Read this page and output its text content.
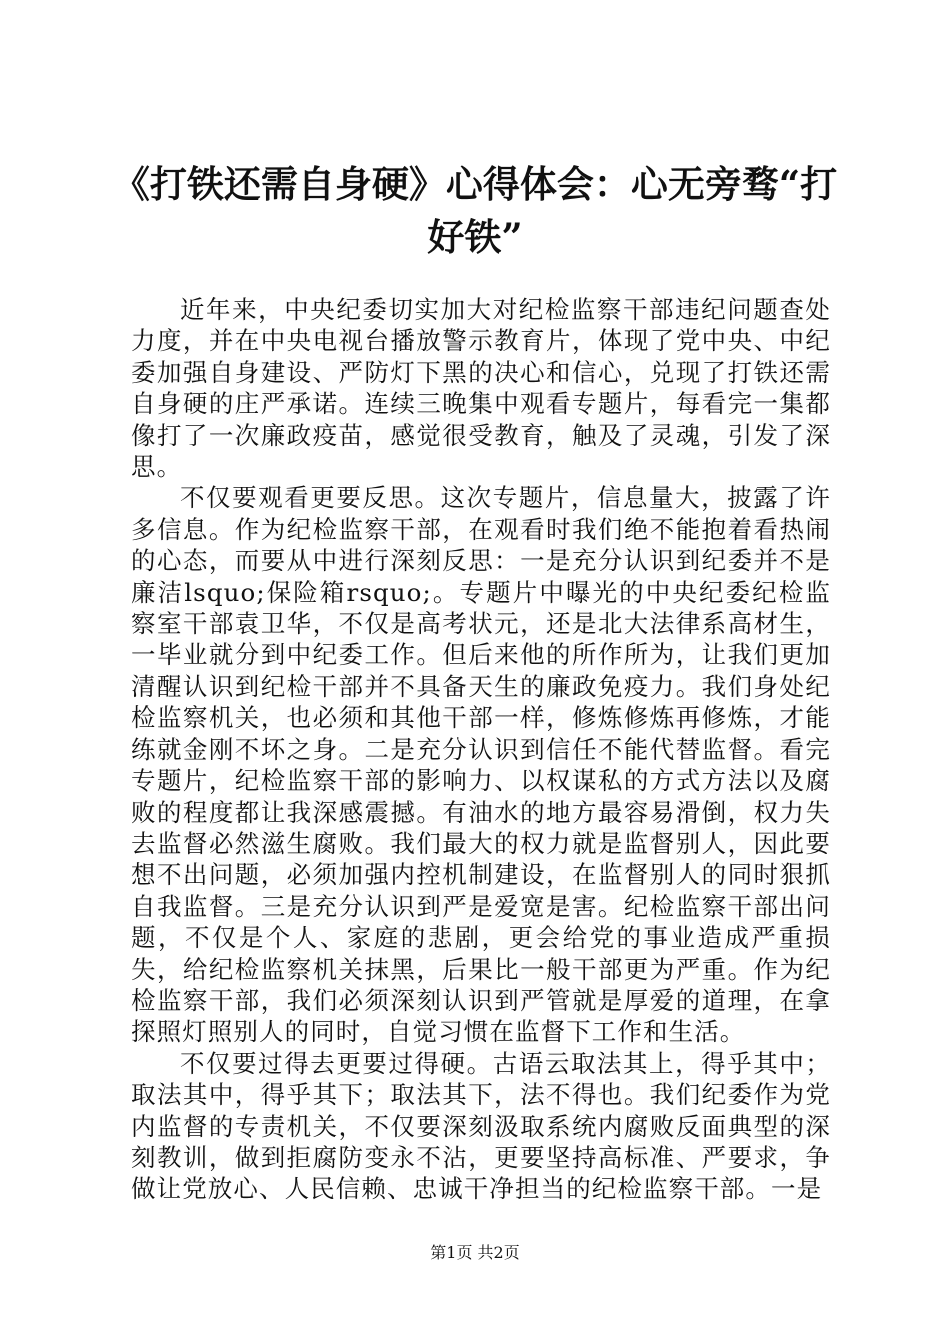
《打铁还需自身硬》心得体会：心无旁骛“打好铁”

近年来，中央纪委切实加大对纪检监察干部违纪问题查处力度，并在中央电视台播放警示教育片，体现了党中央、中纪委加强自身建设、严防灯下黑的决心和信心，兑现了打铁还需自身硬的庄严承诺。连续三晚集中观看专题片，每看完一集都像打了一次廉政疫苗，感觉很受教育，触及了灵魂，引发了深思。

不仅要观看更要反思。这次专题片，信息量大，披露了许多信息。作为纪检监察干部，在观看时我们绝不能抱着看热闹的心态，而要从中进行深刻反思：一是充分认识到纪委并不是廉洁lsquo;保险箱rsquo;。专题片中曝光的中央纪委纪检监察室干部袁卫华，不仅是高考状元，还是北大法律系高材生，一毕业就分到中纪委工作。但后来他的所作所为，让我们更加清醒认识到纪检干部并不具备天生的廉政免疫力。我们身处纪检监察机关，也必须和其他干部一样，修炼修炼再修炼，才能练就金刚不坏之身。二是充分认识到信任不能代替监督。看完专题片，纪检监察干部的影响力、以权谋私的方式方法以及腐败的程度都让我深感震撼。有油水的地方最容易滑倒，权力失去监督必然滋生腐败。我们最大的权力就是监督别人，因此要想不出问题，必须加强内控机制建设，在监督别人的同时狠抓自我监督。三是充分认识到严是爱宽是害。纪检监察干部出问题，不仅是个人、家庭的悲剧，更会给党的事业造成严重损失，给纪检监察机关抹黑，后果比一般干部更为严重。作为纪检监察干部，我们必须深刻认识到严管就是厚爱的道理，在拿探照灯照别人的同时，自觉习惯在监督下工作和生活。

不仅要过得去更要过得硬。古语云取法其上，得乎其中；取法其中，得乎其下；取法其下，法不得也。我们纪委作为党内监督的专责机关，不仅要深刻汲取系统内腐败反面典型的深刻教训，做到拒腐防变永不沾，更要坚持高标准、严要求，争做让党放心、人民信赖、忠诚干净担当的纪检监察干部。一是

第1页 共2页
